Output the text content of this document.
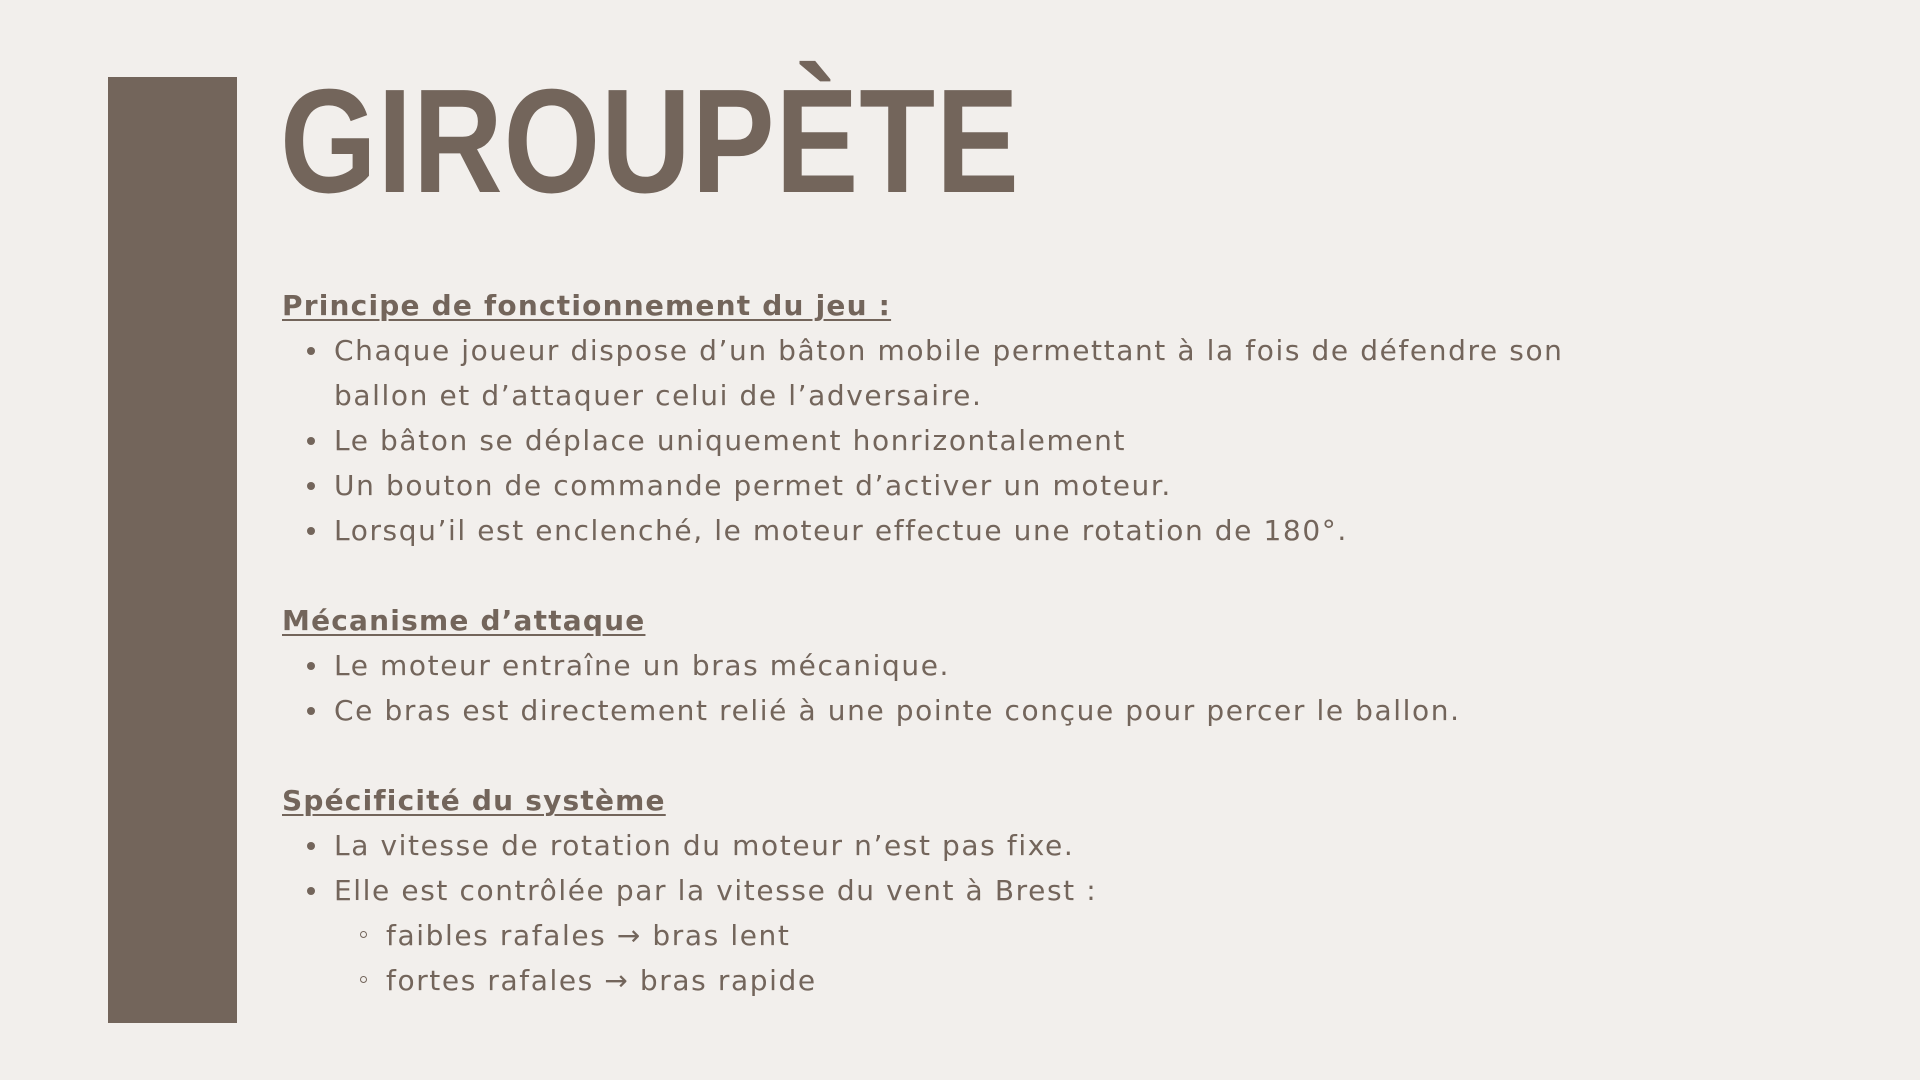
GIROUPÈTE
Principe de fonctionnement du jeu :
Chaque joueur dispose d’un bâton mobile permettant à la fois de défendre son ballon et d’attaquer celui de l’adversaire.
Le bâton se déplace uniquement honrizontalement
Un bouton de commande permet d’activer un moteur.
Lorsqu’il est enclenché, le moteur effectue une rotation de 180°.
Mécanisme d’attaque
Le moteur entraîne un bras mécanique.
Ce bras est directement relié à une pointe conçue pour percer le ballon.
Spécificité du système
La vitesse de rotation du moteur n’est pas fixe.
Elle est contrôlée par la vitesse du vent à Brest :
faibles rafales → bras lent
fortes rafales → bras rapide
